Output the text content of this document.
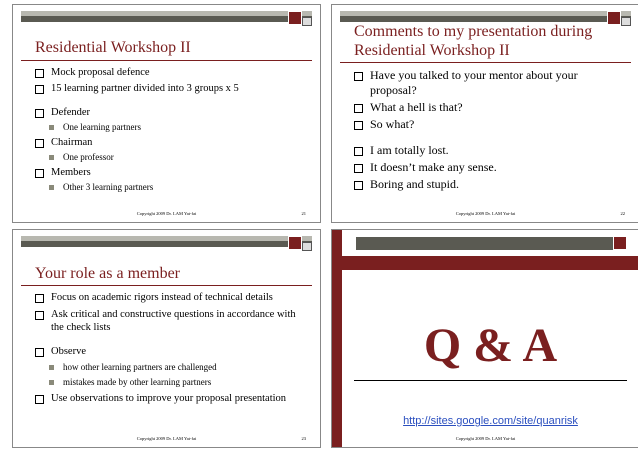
Residential Workshop II
Mock proposal defence
15 learning partner divided into 3 groups x 5
Defender
One learning partners
Chairman
One professor
Members
Other 3 learning partners
Copyright 2009 Dr. LAM Yat-fai	21
Comments to my presentation during
Residential Workshop II
Have you talked to your mentor about your proposal?
What a hell is that?
So what?
I am totally lost.
It doesn’t make any sense.
Boring and stupid.
Copyright 2009 Dr. LAM Yat-fai	22
Your role as a member
Focus on academic rigors instead of technical details
Ask critical and constructive questions in accordance with the check lists
Observe
how other learning partners are challenged
mistakes made by other learning partners
Use observations to improve your proposal presentation
Copyright 2009 Dr. LAM Yat-fai	23
Q & A
http://sites.google.com/site/quanrisk
Copyright 2009 Dr. LAM Yat-fai
